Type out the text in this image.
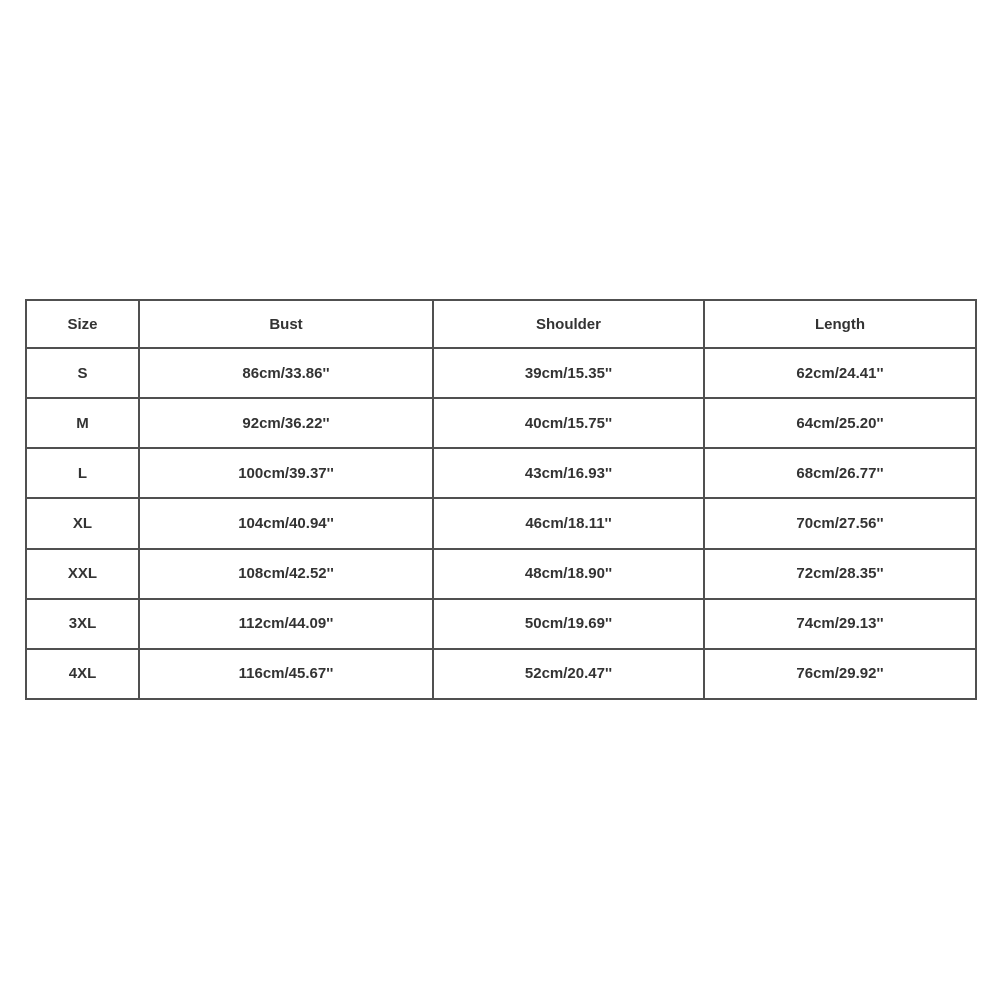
Size	Bust	Shoulder	Length
S	86cm/33.86''	39cm/15.35''	62cm/24.41''
M	92cm/36.22''	40cm/15.75''	64cm/25.20''
L	100cm/39.37''	43cm/16.93''	68cm/26.77''
XL	104cm/40.94''	46cm/18.11''	70cm/27.56''
XXL	108cm/42.52''	48cm/18.90''	72cm/28.35''
3XL	112cm/44.09''	50cm/19.69''	74cm/29.13''
4XL	116cm/45.67''	52cm/20.47''	76cm/29.92''
